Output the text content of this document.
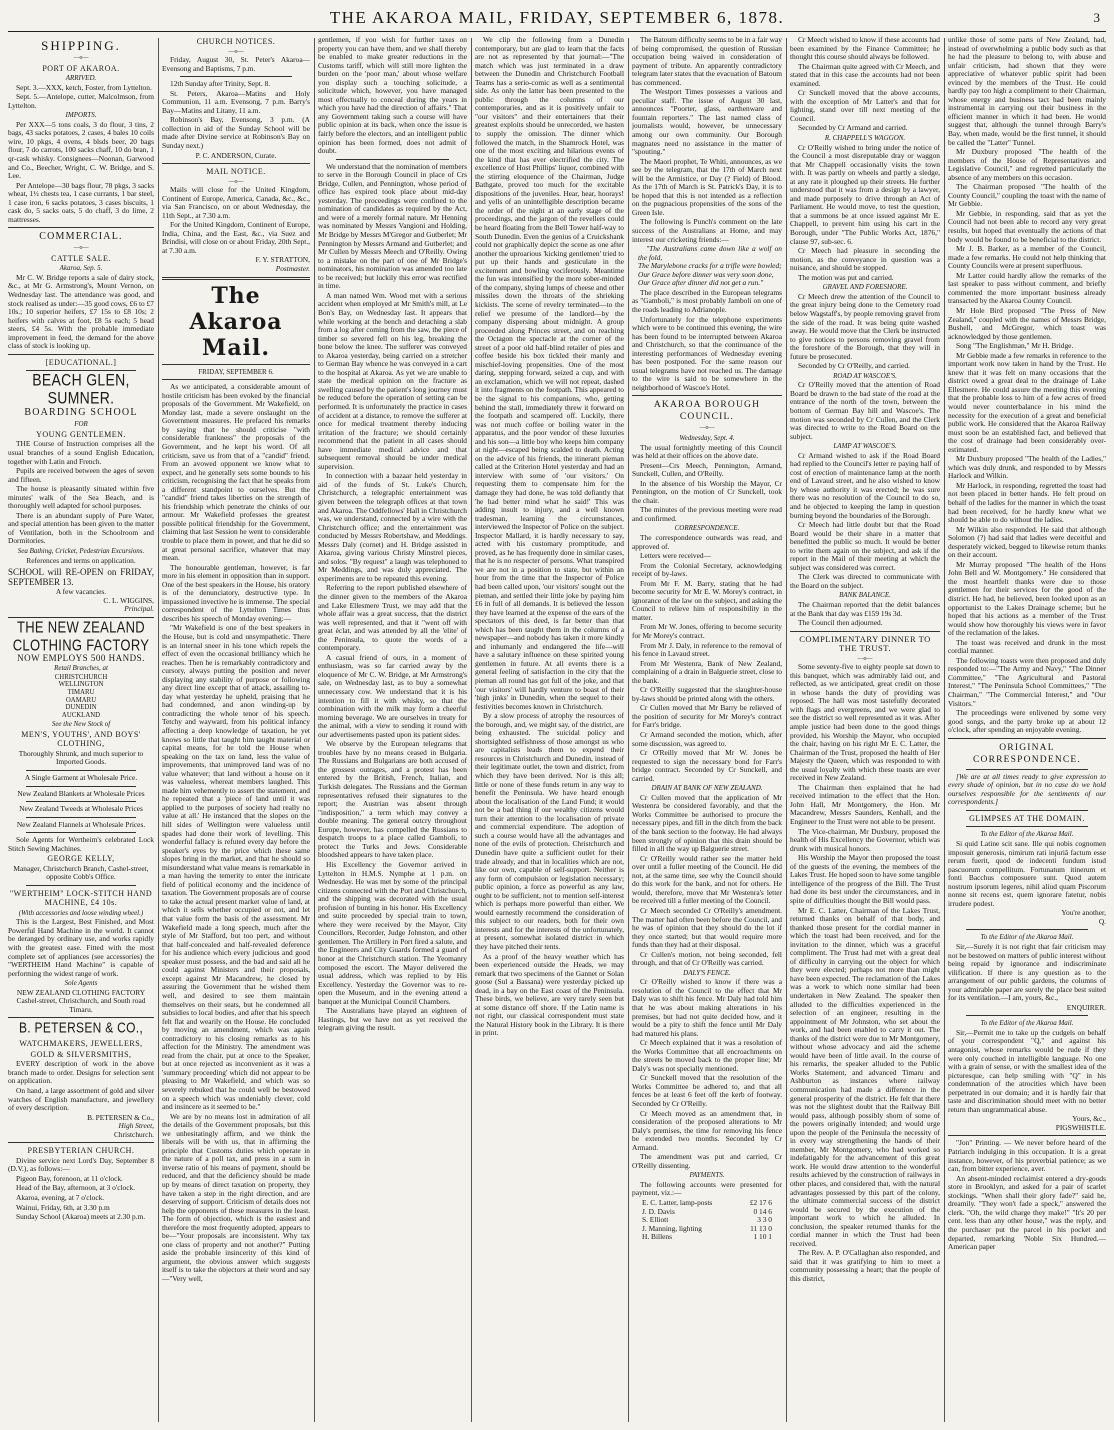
THE AKAROA MAIL, FRIDAY, SEPTEMBER 6, 1878.	3
SHIPPING.
—o—
PORT OF AKAROA.
ARRIVED.

Sept. 3.—XXX, ketch, Foster, from Lyttelton.

Sept. 5.—Antelope, cutter, Malcolmson, from Lyttelton.

IMPORTS.

Per XXX—5 tons coals, 3 do flour, 3 tins, 2 bags, 43 sacks potatoes, 2 cases, 4 bales 10 coils wire, 10 pkgs, 4 ovens, 4 blsds beer, 20 bags flour, 7 do carrots, 100 sacks chaff, 10 do bran, 1 qr-cask whisky. Consignees—Noonan, Garwood and Co., Beecher, Wright, C. W. Bridge, and S. Lee.

Per Antelope—30 bags flour, 78 pkgs, 3 sacks wheat, 1½ chests tea, 1 case currants, 1 bar steel, 1 case iron, 6 sacks potatoes, 3 cases biscuits, 1 cask do, 5 sacks oats, 5 do chaff, 3 do lime, 2 mattresses.

COMMERCIAL.
—o—
CATTLE SALE.
Akaroa, Sep. 5.

Mr C. W. Bridge reports a sale of dairy stock, &c., at Mr G. Armstrong's, Mount Vernon, on Wednesday last. The attendance was good, and stock realised as under:—35 good cows, £6 to £7 10s.; 10 superior heifers, £7 15s to £8 10s; 2 heifers with calves at foot, £8 5s each; 5 head steers, £4 5s. With the probable immediate improvement in feed, the demand for the above class of stock is looking up.

[EDUCATIONAL.]
BEACH GLEN, SUMNER.
BOARDING SCHOOL
FOR
YOUNG GENTLEMEN.

THE Course of Instruction comprises all the usual branches of a sound English Education, together with Latin and French.

Pupils are received between the ages of seven and fifteen.

The house is pleasantly situated within five minutes' walk of the Sea Beach, and is thoroughly well adapted for school purposes.

There is an abundant supply of Pure Water, and special attention has been given to the matter of Ventilation, both in the Schoolroom and Dormitories.

Sea Bathing, Cricket, Pedestrian Excursions.
References and terms on application.

SCHOOL will RE-OPEN on FRIDAY, SEPTEMBER 13.

A few vacancies.
C. L. WIGGINS,
Principal.
THE NEW ZEALAND CLOTHING FACTORY
NOW EMPLOYS 500 HANDS.
Retail Branches, at
CHRISTCHURCH
WELLINGTON
TIMARU
OAMARU
DUNEDIN
AUCKLAND
See the New Stock of
MEN'S, YOUTHS', AND BOYS' CLOTHING,
Thoroughly Shrunk, and much superior to Imported Goods.
A Single Garment at Wholesale Price.
New Zealand Blankets at Wholesale Prices
New Zealand Tweeds at Wholesale Prices
New Zealand Flannels at Wholesale Prices.

Sole Agents for Wertheim's celebrated Lock Stitch Sewing Machines.

GEORGE KELLY,
Manager, Christchurch Branch, Cashel-street, opposite Cobb's Office.
"WERTHEIM" LOCK-STITCH HAND MACHINE, £4 10s.
(With accessories and loose winding wheel.)

This is the Largest, Best Finished, and Most Powerful Hand Machine in the world. It cannot be deranged by ordinary use, and works rapidly with the greatest ease. Fitted with the most complete set of appliances (see accessories) the "WERTHEIM Hand Machine" is capable of performing the widest range of work.

Sole Agents
NEW ZEALAND CLOTHING FACTORY
Cashel-street, Christchurch, and South road Timaru.
B. PETERSEN & CO.,
WATCHMAKERS, JEWELLERS,
GOLD & SILVERSMITHS,

EVERY description of work in the above branch made to order. Designs for selection sent on application.

On hand, a large assortment of gold and silver watches of English manufacture, and jewellery of every description.

B. PETERSEN & Co.,
High Street,
Christchurch.
PRESBYTERIAN CHURCH.

Divine service next Lord's Day, September 8 (D.V.), as follows:—

Pigeon Bay, forenoon, at 11 o'clock.

Head of the Bay, afternoon, at 3 o'clock.

Akaroa, evening, at 7 o'clock.

Wainui, Friday, 6th, at 3.30 p.m

Sunday School (Akaroa) meets at 2.30 p.m.

CHURCH NOTICES.
—o—

Friday, August 30, St. Peter's Akaroa—Evensong and Baptisms, 7 p.m.

12th Sunday after Trinity, Sept. 8.

St. Peters, Akaroa—Matins and Holy Communion, 11 a.m. Evensong, 7 p.m. Barry's Bay—Matins and Litany, 11 a.m.

Robinson's Bay, Evensong, 3 p.m. (A collection in aid of the Sunday School will be made after Divine service at Robinson's Bay on Sunday next.)

P. C. ANDERSON, Curate.
MAIL NOTICE.
—o—

Mails will close for the United Kingdom, Continent of Europe, America, Canada, &c., &c., via San Francisco, on or about Wednesday, the 11th Sept., at 7.30 a.m.

For the United Kingdom, Continent of Europe, India, China, and the East, &c., via Suez and Brindisi, will close on or about Friday, 20th Sept., at 7.30 a.m.

F. Y. STRATTON,
Postmaster.
The Akaroa Mail.
FRIDAY, SEPTEMBER 6.

As we anticipated, a considerable amount of hostile criticism has been evoked by the financial proposals of the Government. Mr Wakefield, on Monday last, made a severe onslaught on the Government measures. He prefaced his remarks by saying that he should criticise "with considerable frankness" the proposals of the Government, and he kept his word. Of all criticism, save us from that of a "candid" friend. From an avowed opponent we know what to expect, and he generally sets some bounds to his criticism, recognising the fact that he speaks from a different standpoint to ourselves. But the "candid" friend takes liberties on the strength of his friendship which penetrate the chinks of our armour. Mr Wakefield professes the greatest possible political friendship for the Government, claiming that last Session he went to considerable trouble to place them in power, and that he did so at great personal sacrifice, whatever that may mean.

The honourable gentleman, however, is far more in his element in opposition than in support. One of the best speakers in the House, his oratory is of the denunciatory, destructive type. In impassioned invective he is immense. The special correspondent of the Lyttelton Times thus describes his speech of Monday evening:—

"Mr Wakefield is one of the best speakers in the House, but is cold and unsympathetic. There is an internal sneer in his tone which repels the effect of even the occasional brilliancy which he reaches. Then he is remarkably contradictory and cursory, always putting the position and never displaying any stability of purpose or following any direct line except that of attack, assailing to-day what yesterday he upheld, praising that he had condemned, and anon winding-up by contradicting the whole tenor of his speech. Tetchy and wayward, from his political infancy affecting a deep knowledge of taxation, he yet knows so little that taught him taught material or capital means, for he told the House when speaking on the tax on land, less the value of improvements, that unimproved land was of no value whatever; that land without a house on it was valueless, whereat members laughed. This made him vehemently to assert the statement, and he repeated that a 'piece of land until it was applied to the purposes of society had really no value at all.' He instanced that the slopes on the hill sides of Wellington were valueless until spades had done their work of levelling. This wonderful fallacy is refuted every day before the speaker's eyes by the price which these same slopes bring in the market, and that he should so misunderstand what value means is remarkable in a man having the temerity to enter the intricate field of political economy and the incidence of taxation. The Government proposals are of course to take the actual present market value of land, at which it sells whether occupied or not, and let that value form the basis of the assessment. Mr Wakefield made a long speech, much after the style of Mr Stafford, but too pert, and without that half-concealed and half-revealed deference for his audience which every judicious and good speaker must possess, and the bad and said all he could against Ministers and their proposals, except against Mr Macandrew, he closed by assuring the Government that he wished them well, and desired to see them maintain themselves on their seats, but he condemned all subsidies to local bodies, and after that his speech felt flat and wearily on the House. He concluded by moving an amendment, which was again contradictory to his closing remarks as to his affection for the Ministry. The amendment was read from the chair, put at once to the Speaker, but at once rejected as inconvenient as it was a 'summary proceeding' which did not appear to be pleasing to Mr Wakefield, and which was so severely rebuked that he could well be bestowed on a speech which was undeniably clever, cold and insincere as it seemed to be."

We are by no means lost in admiration of all the details of the Government proposals, but this we unhesitatingly affirm, and we think the liberals will be with us, that in affirming the principle that Customs duties which operate in the nature of a poll tax, and press in a sum in inverse ratio of his means of payment, should be reduced, and that the deficiency should be made up by means of direct taxation on property, they have taken a step in the right direction, and are deserving of support. Criticism of details does not help the opponents of these measures in the least. The form of objection, which is the easiest and therefore the most frequently adopted, appears to be—"Your proposals are inconsistent. Why tax one class of property and not another?" Putting aside the probable insincerity of this kind of argument, the obvious answer which suggests itself is to take the objectors at their word and say—"Very well,

gentlemen, if you wish for further taxes on property you can have them, and we shall thereby be enabled to make greater reductions in the Customs tariff, which will still more lighten the burden on the 'poor man,' about whose welfare you display such a touching solicitude, a solicitude which, however, you have managed most effectually to conceal during the years in which you have had the direction of affairs." That any Government taking such a course will have public opinion at its back, when once the issue is fairly before the electors, and an intelligent public opinion has been formed, does not admit of doubt.

We understand that the nomination of members to serve in the Borough Council in place of Crs Bridge, Cullen, and Pennington, whose period of office has expired took place about mid-day yesterday. The proceedings were confined to the nomination of candidates as required by the Act, and were of a merely formal nature. Mr Henning was nominated by Messrs Vangioni and Holding, Mr Bridge by Messrs M'Gregor and Gutberlet; Mr Pennington by Messrs Armand and Gutberlet; and Mr Cullen by Messrs Meech and O'Reilly. Owing to a mistake on the part of one of Mr Bridge's nominators, his nomination was amended too late to be received; but luckily this error was rectified in time.

A man named Wm. Wood met with a serious accident when employed at Mr Smith's mill, at Le Bon's Bay, on Wednesday last. It appears that while working at the bench and detaching a slab from a log after coming from the saw, the piece of timber so severed fell on his leg, breaking the bone below the knee. The sufferer was conveyed to Akaroa yesterday, being carried on a stretcher to German Bay whence he was conveyed in a cart to the hospital at Akaroa. As yet we are unable to state the medical opinion on the fracture as swelling caused by the patient's long journey must be reduced before the operation of setting can be performed. It is unfortunately the practice in cases of accident at a distance, to remove the sufferer at once for medical treatment thereby inducing irritation of the fracture; we should certainly recommend that the patient in all cases should have immediate medical advice and that subsequent removal should be under medical supervision.

In connection with a bazaar held yesterday in aid of the funds of St. Luke's Church, Christchurch, a telegraphic entertainment was given between the telegraph offices at that town and Akaroa. The Oddfellows' Hall in Christchurch was, we understand, connected by a wire with the Christchurch office; and the entertainment was conducted by Messrs Robertshaw, and Meddings. Messrs Daly (cornet) and H. Bridge assisted in Akaroa, giving various Christy Minstrel pieces, and solos. "By request" a laugh was telephoned to Mr Meddings, and was duly appreciated. The experiments are to be repeated this evening.

Referring to the report published elsewhere of the dinner given to the members of the Akaroa and Lake Ellesmere Trust, we may add that the whole affair was a great success, that the district was well represented, and that it "went off with great éclat, and was attended by all the 'elite' of the Peninsula, to quote the words of a contemporary.

A casual friend of ours, in a moment of enthusiasm, was so far carried away by the eloquence of Mr C. W. Bridge, at Mr Armstrong's sale, on Wednesday last, as to buy a somewhat unnecessary cow. We understand that it is his intention to fill it with whisky, so that the combination with the milk may form a cheerful morning beverage. We are ourselves in treaty for the animal, with a view to sending it round with our advertisements pasted upon its patient sides.

We observe by the European telegrams that troubles have by no means ceased in Bulgaria. The Russians and Bulgarians are both accused of the grossest outrages, and a protest has been entered by the British, French, Italian, and Turkish delegates. The Russians and the German representatives refused their signatures to the report; the Austrian was absent through "indisposition," a term which may convey a double meaning. The general outcry throughout Europe, however, has compelled the Russians to despatch troops to a place called Gamboli, to protect the Turks and Jews. Considerable bloodshed appears to have taken place.

His Excellency the Governor arrived in Lyttelton in H.M.S. Nymphe at 1 p.m. on Wednesday. He was met by some of the principal citizens connected with the Port and Christchurch, and the shipping was decorated with the usual profusion of bunting in his honor. His Excellency and suite proceeded by special train to town, where they were received by the Mayor, City Councillors, Recorder, Judge Johnston, and other gentlemen. The Artillery in Port fired a salute, and the Engineers and City Guards formed a guard of honor at the Christchurch station. The Yeomanry composed the escort. The Mayor delivered the usual address, which was replied to by His Excellency. Yesterday the Governor was to re-open the Museum, and in the evening attend a banquet at the Municipal Council Chambers.

The Australians have played an eighteen of Hastings, but we have not as yet received the telegram giving the result.

We clip the following from a Dunedin contemporary, but are glad to learn that the facts are not as represented by that journal:—"The match which was just terminated in a draw between the Dunedin and Christchurch Football Teams has a serio-comic as well as a sentimental side. As only the latter has been presented to the public through the columns of our contemporaries, and as it is positively unfair to "our visitors" and their entertainers that their greatest exploits should be unrecorded, we hasten to supply the omission. The dinner which followed the match, in the Shamrock Hotel, was one of the most exciting and hilarious events of the kind that has ever electrified the city. The excellence of Host Phillips' liquor, combined with the stirring eloquence of the Chairman, Judge Bathgate, proved too much for the excitable dispositions of the juveniles. Hear, hear, hoorays! and yells of an unintelligible description became the order of the night at an early stage of the proceedings, and the jargon of the revellers could be heard floating from the Bell Tower half-way to South Dunedin. Even the genius of a Cruickshank could not graphically depict the scene as one after another the uproarious 'kicking gentlemen' tried to put up their hands and gesticulate in the excitement and bowling vociferously. Meantime the fun was intensified by the more sober-minded of the company, shying lumps of cheese and other missiles down the throats of the shrieking kickists. The scene of revelry terminated—to the relief we presume of the landlord—by the company dispersing about midnight. A group proceeded along Princes street, and on reaching the Octagon the spectacle at the corner of the street of a poor old half-blind retailer of pies and coffee beside his box tickled their manly and mischief-loving propensities. One of the most daring, stepping forward, seized a cup, and with an exclamation, which we will not repeat, dashed it into fragments on the footpath. This appeared to be the signal to his companions, who, getting behind the stall, immediately threw it forward on the footpath and scampered off. Luckily, there was not much coffee or boiling water in the apparatus, and the poor vendor of these luxuries and his son—a little boy who keeps him company at night—escaped being scalded to death. Acting on the advice of his friends, the itinerant pieman called at the Criterion Hotel yesterday and had an interview with some of 'our visitors.' On requesting them to compensate him for the damage they had done, he was told defiantly that 'he had better mind what he said!' This was adding insult to injury, and a well known tradesman, learning the circumstances, interviewed the Inspector of Police on the subject. Inspector Mallard, it is hardly necessary to say, acted with his customary promptitude, and proved, as he has frequently done in similar cases, that he is no respecter of persons. What transpired we are not in a position to state, but within an hour from the time that the Inspector of Police had been called upon, 'our visitors' sought out the pieman, and settled their little joke by paying him £6 in full of all demands. It is believed the lesson they have learned at the expense of the ears of the spectators of this deed, is far better than that which has been taught them in the columns of a newspaper—and nobody has taken it more kindly and inhumanly and endangered the life—will have a salutary influence on these spirited young gentlemen in future. At all events there is a general feeling of satisfaction in the city that the pieman all round has got full of the joke, and that 'our visitors' will hardly venture to boast of their 'high jinks' in Dunedin, when the sequel to their festivities becomes known in Christchurch.

By a slow process of atrophy the resources of the borough, and, we might say, of the district, are being exhausted. The suicidal policy and shortsighted selfishness of those amongst us who are capitalists leads them to expend their resources in Christchurch and Dunedin, instead of their legitimate outlet, the town and district, from which they have been derived. Nor is this all; little or none of these funds return in any way to benefit the Peninsula. We have heard enough about the localisation of the Land Fund; it would not be a bad thing if our wealthy citizens would turn their attention to the localisation of private and commercial expenditure. The adoption of such a course would have all the advantages and none of the evils of protection. Christchurch and Dunedin have quite a sufficient outlet for their trade already, and that in localities which are not, like our own, capable of self-support. Neither is any form of compulsion or legislation necessary; public opinion, a force as powerful as any law, ought to be sufficient, not to mention self-interest which is perhaps more powerful than either. We would earnestly recommend the consideration of this subject to our readers, both for their own interests and for the interests of the unfortunately, at present, somewhat isolated district in which they have pitched their tents.

As a proof of the heavy weather which has been experienced outside the Heads, we may remark that two specimens of the Gannet or Solan goose (Sul a Bassana) were yesterday picked up dead, in a bay on the East coast of the Peninsula. These birds, we believe, are very rarely seen but at some distance off shore. If the Latin name is not right, our classical correspondent must state the Natural History book in the Library. It is there in print.

The Batoum difficulty seems to be in a fair way of being compromised, the question of Russian occupation being waived in consideration of payment of tribute. An apparently contradictory telegram later states that the evacuation of Batoum has commenced.

The Westport Times possesses a various and peculiar staff. The issue of August 30 last, announces "Poorter, glass, earthenware and fountain reporters." The last named class of journalists would, however, be unnecessary among our own community. Our Borough magnates need no assistance in the matter of "spouting."

The Maori prophet, Te Whiti, announces, as we see by the telegram, that the 17th of March next will be the Armistice, or Day (? Field) of Blood. As the 17th of March is St. Patrick's Day, it is to be hoped that this is not intended as a reflection on the pugnacious propensities of the sons of the Green Isle.

The following is Punch's comment on the late success of the Australians at Home, and may interest our cricketing friends:—

"The Australians came down like a wolf on the fold,
The Marylebone cracks for a trifle were bowled;
Our Grace before dinner was very soon done,
Our Grace after dinner did not get a run."

The place described in the European telegrams as "Gamboli," is most probably Jamboli on one of the roads leading to Adrianople.

Unfortunately for the telephone experiments which were to be continued this evening, the wire has been found to be interrupted between Akaroa and Christchurch, so that the continuance of the interesting performances of Wednesday evening has been postponed. For the same reason our usual telegrams have not reached us. The damage to the wire is said to be somewhere in the neighborhood of Wascoe's Hotel.

AKAROA BOROUGH COUNCIL.
—o—
Wednesday, Sept. 4.

The usual fortnightly meeting of this Council was held at their offices on the above date.

Present—Crs Meech, Pennington, Armand, Sunckell, Cullen, and O'Reilly.

In the absence of his Worship the Mayor, Cr Pennington, on the motion of Cr Sunckell, took the chair.

The minutes of the previous meeting were read and confirmed.

CORRESPONDENCE.

The correspondence outwards was read, and approved of.

Letters were received—

From the Colonial Secretary, acknowledging receipt of by-laws.

From Mr F. M. Barry, stating that he had become security for Mr E. W. Morey's contract, in ignorance of the law on the subject, and asking the Council to relieve him of responsibility in the matter.

From Mr W. Jones, offering to become security for Mr Morey's contract.

From Mr J. Daly, in reference to the removal of his fence in Lavaud street.

From Mr Westenra, Bank of New Zealand, complaining of a drain in Balguerie street, close to the bank.

Cr O'Reilly suggested that the slaughter-house by-laws should be printed along with the others.

Cr Cullen moved that Mr Barry be relieved of the position of security for Mr Morey's contract for Farr's bridge.

Cr Armand seconded the motion, which, after some discussion, was agreed to.

Cr O'Reilly moved that Mr W. Jones be requested to sign the necessary bond for Farr's bridge contract. Seconded by Cr Sunckell, and carried.

DRAIN AT BANK OF NEW ZEALAND.

Cr Cullen moved that the application of Mr Westenra be considered favorably, and that the Works Committee be authorised to procure the necessary pipes, and fill in the ditch from the back of the bank section to the footway. He had always been strongly of opinion that this drain should be filled in all the way up Balguerie street.

Cr O'Reilly would rather see the matter held over until a fuller meeting of the Council. He did not, at the same time, see why the Council should do this work for the bank, and not for others. He would, therefore, move that Mr Westenra's letter be received till a fuller meeting of the Council.

Cr Meech seconded Cr O'Reilly's amendment. The matter had often been before the Council, and he was of opinion that they should do the lot if they once started; but that would require more funds than they had at their disposal.

Cr Cullen's motion, not being seconded, fell through, and that of Cr O'Reilly was carried.

DALY'S FENCE.

Cr O'Reilly wished to know if there was a resolution of the Council to the effect that Mr Daly was to shift his fence. Mr Daly had told him that he was about making alterations in his premises, but had not quite decided how, and it would be a pity to shift the fence until Mr Daly had matured his plans.

Cr Meech explained that it was a resolution of the Works Committee that all encroachments on the streets be moved back to the proper line; Mr Daly's was not specially mentioned.

Cr Sunckell moved that the resolution of the Works Committee be adhered to, and that all fences be at least 6 feet off the kerb of footway. Seconded by Cr O'Reilly.

Cr Meech moved as an amendment that, in consideration of the proposed alterations to Mr Daly's premises, the time for removing his fence be extended two months. Seconded by Cr Armand.

The amendment was put and carried, Cr O'Reilly dissenting.

PAYMENTS.

The following accounts were presented for payment, viz.:—

E. C. Latter, lamp-posts	£2 17 6
J. D. Davis	0 14 6
S. Elliott	3 3 0
J. Manning, lighting	11 13 0
H. Billens	1 10 1

Cr Meech wished to know if these accounts had been examined by the Finance Committee; he thought this course should always be followed.

The Chairman quite agreed with Cr Meech, and stated that in this case the accounts had not been examined.

Cr Sunckell moved that the above accounts, with the exception of Mr Latter's and that for lighting, stand over till next meeting of the Council.

Seconded by Cr Armand and carried.

R. CHAPPELL'S WAGGON.

Cr O'Reilly wished to bring under the notice of the Council a most disreputable dray or waggon that Mr Chappell occasionally visits the town with. It was partly on wheels and partly a sledge, at any rate it ploughed up their streets. He further understood that it was from a design by a lawyer, and made purposely to drive through an Act of Parliament. He would move, to test the question, that a summons be at once issued against Mr E. Chappell, to prevent him using his cart in the Borough, under "The Public Works Act, 1876," clause 97, sub-sec. 6.

Cr Meech had pleasure in seconding the motion, as the conveyance in question was a nuisance, and should be stopped.

The motion was put and carried.

GRAVEL AND FORESHORE.

Cr Meech drew the attention of the Council to the great injury being done to the Cemetery road below Wagstaff's, by people removing gravel from the side of the road. It was being quite washed away. He would move that the Clerk be instructed to give notices to persons removing gravel from the foreshore of the Borough, that they will in future be prosecuted.

Seconded by Cr O'Reilly, and carried.

ROAD AT WASCOE'S.

Cr O'Reilly moved that the attention of Road Board be drawn to the bad state of the road at the entrance of the north of the town, between the bottom of German Bay hill and Wascoe's. The motion was seconded by Cr Cullen, and the Clerk was directed to write to the Road Board on the subject.

LAMP AT WASCOE'S.

Cr Armand wished to ask if the Road Board had replied to the Council's letter re paying half of cost of erection of maintenance lamp at the north end of Lavaud street, and he also wished to know by whose authority it was erected; he was sure there was no resolution of the Council to do so, and he objected to keeping the lamp in question burning beyond the boundaries of the Borough.

Cr Meech had little doubt but that the Road Board would be their share in a matter that benefitted the public so much. It would be better to write them again on the subject, and ask if the report in the Mail of their meeting at which the subject was considered was correct.

The Clerk was directed to communicate with the Board on the subject.

BANK BALANCE.

The Chairman reported that the debit balances at the Bank that day was £159 19s 3d.

The Council then adjourned.

COMPLIMENTARY DINNER TO THE TRUST.
—o—

Some seventy-five to eighty people sat down to this banquet, which was admirably laid out, and reflected, as we anticipated, great credit on those in whose hands the duty of providing was reposed. The hall was most tastefully decorated with flags and evergreens, and we were glad to see the district so well represented as it was. After ample justice had been done to the good things provided, his Worship the Mayor, who occupied the chair, having on his right Mr E. C. Latter, the Chairman of the Trust, proposed the health of Her Majesty the Queen, which was responded to with the usual loyalty with which these toasts are ever received in New Zealand.

The Chairman then explained that he had received intimation to the effect that the Hon. John Hall, Mr Montgomery, the Hon. Mr Macandrew, Messrs Saunders, Kenhall, and the Engineer to the Trust were not able to be present.

The Vice-chairman, Mr Duxbury, proposed the health of His Excellency the Governor, which was drunk with musical honors.

His Worship the Mayor then proposed the toast of the guests of the evening, the members of the Lakes Trust. He hoped soon to have some tangible intelligence of the progress of the Bill. The Trust had done its best under the circumstances, and in spite of difficulties thought the Bill would pass.

Mr E. C. Latter, Chairman of the Lakes Trust, returned thanks on behalf of that body, and thanked those present for the cordial manner in which the toast had been received, and for the invitation to the dinner, which was a graceful compliment. The Trust had met with a great deal of difficulty in carrying out the object for which they were elected; perhaps not more than might have been expected. The reclamation of the Lakes was a work to which none similar had been undertaken in New Zealand. The speaker then alluded to the difficulties experienced in the selection of an engineer, resulting in the appointment of Mr Johnston, who set about the work, and had been enabled to carry it out. The thanks of the district were due to Mr Montgomery, without whose advocacy and aid the scheme would have been of little avail. In the course of his remarks, the speaker alluded to the Public Works Statement, and advanced Timaru and Ashburton as instances where railway communication had made a difference in the general prosperity of the district. He felt that there was not the slightest doubt that the Railway Bill would pass, although possibly shorn of some of the powers originally intended; and would urge upon the people of the Peninsula the necessity of in every way strengthening the hands of their member, Mr Montgomery, who had worked so indefatigably for the advancement of this great work. He would draw attention to the wonderful results achieved by the construction of railways in other places, and considered that, with the natural advantages possessed by this part of the colony, the ultimate commercial success of the district would be secured by the execution of the important work to which he alluded. In conclusion, the speaker returned thanks for the cordial manner in which the Trust had been received.

The Rev. A. P. O'Callaghan also responded, and said that it was gratifying to him to meet a community possessing a heart; that the people of this district,

unlike those of some parts of New Zealand, had, instead of overwhelming a public body such as that he had the pleasure to belong to, with abuse and unfair criticism, had shown that they were appreciative of whatever public spirit had been evinced by the members of the Trust. He could hardly pay too high a compliment to their Chairman, whose energy and business tact had been mainly instrumental in carrying out their business in the efficient manner in which it had been. He would suggest that, although the tunnel through Barry's Bay, when made, would be the first tunnel, it should be called the "Latter" Tunnel.

Mr Duxbury proposed "The health of the members of the House of Representatives and Legislative Council," and regretted particularly the absence of any members on this occasion.

The Chairman proposed "The health of the County Council," coupling the toast with the name of Mr Gebbie.

Mr Gebbie, in responding, said that as yet the Council had not been able to record any very great results, but hoped that eventually the actions of that body would be found to be beneficial to the district.

Mr J. B. Barker, as a member of the Council, made a few remarks. He could not help thinking that County Councils were at present superfluous.

Mr Latter could hardly allow the remarks of the last speaker to pass without comment, and briefly commented the more important business already transacted by the Akaroa County Council.

Mr Hole Bird proposed "The Press of New Zealand," coupled with the names of Messrs Bridge, Bushell, and McGregor, which toast was acknowledged by those gentlemen.

Song "The Englishman," Mr H. Bridge.

Mr Gebbie made a few remarks in reference to the important work now taken in hand by the Trust. He knew that it was felt on many occasions that the district owed a great deal to the drainage of Lake Ellesmere. He could assure the meeting this evening that the probable loss to him of a few acres of freed would never counterbalance in his mind the necessity for the execution of a great and beneficial public work. He considered that the Akaroa Railway must soon be an established fact, and believed that the cost of drainage had been considerably over-estimated.

Mr Duxbury proposed "The health of the Ladies," which was duly drunk, and responded to by Messrs Harlock and Wilkin.

Mr Harlock, in responding, regretted the toast had not been placed in better hands. He felt proud on behalf of the ladies for the manner in which the toast had been received, for he hardly knew what we should be able to do without the ladies.

Mr Wilkin also responded. He said that although Solomon (?) had said that ladies were deceitful and desperately wicked, begged to likewise return thanks on their account.

Mr Murray proposed "The health of the Hons John Bell and W. Montgomery." He considered that the most heartfelt thanks were due to those gentlemen for their services for the good of the district. He had, he believed, been looked upon as an opportunist to the Lakes Drainage scheme; but he hoped that his actions as a member of the Trust would show how thoroughly his views were in favor of the reclamation of the lakes.

The toast was received and drunk in the most cordial manner.

The following toasts were then proposed and duly responded to:—"The Army and Navy," "The Dinner Committee," "The Agricultural and Pastoral Interest," "The Peninsula School Committees," "The Chairman," "The Commercial Interest," and "Our Visitors."

The proceedings were enlivened by some very good songs, and the party broke up at about 12 o'clock, after spending an enjoyable evening.

ORIGINAL CORRESPONDENCE.

[We are at all times ready to give expression to every shade of opinion, but in no case do we hold ourselves responsible for the sentiments of our correspondents.]

GLIMPSES AT THE DOMAIN.
To the Editor of the Akaroa Mail.

Si quid Latine scit sane. Ille qui nobis cognomen imposuit generosis, nimirum rati injuriâ factum esse rerum fuerit, quod de indecenti fundum istud pascuorum compellitum. Fortunatum itinerum et fonti Bacchus composuere sunt. Quod autem nostrum ipsorum legeres, nihil aliud quam Piscorum nonne sit recens est, quem ignorare fatetur, nobis irrudere podest.

You're another,
Q.
To the Editor of the Akaroa Mail.

Sir,—Surely it is not right that fair criticism may not be bestowed on matters of public interest without being repaid by ignorance and indiscriminate vilification. If there is any question as to the arrangement of our public gardens, the columns of your admirable paper are surely the place best suited for its ventilation.—I am, yours, &c.,

ENQUIRER.
To the Editor of the Akaroa Mail.

Sir,—Permit me to take up the cudgels on behalf of your correspondent "Q," and against his antagonist, whose remarks would be rude if they were only couched in intelligible language. No one with a grain of sense, or with the smallest idea of the picturesque, can help smiling with "Q" in his condemnation of the atrocities which have been perpetrated in our domain; and it is hardly fair that taste and discrimination should meet with no better return than ungrammatical abuse.

Yours, &c.,
PIGSWHISTLE.

"Jon" Printing. — We never before heard of the Patriarch indulging in this occupation. It is a great instance, however, of his proverbial patience; as we can, from bitter experience, aver.

An absent-minded reclaimist entered a dry-goods store in Brooklyn, and asked for a pair of scarlet stockings. "When shall their glory fade?" said he, dreamily. "They won't fade a speck," answered the clerk. "Oh, the wild charge they make!" "It's 20 per cent. less than any other house," was the reply, and the purchaser put the parcel in his pocket and departed, remarking 'Noble Six Hundred.—American paper
